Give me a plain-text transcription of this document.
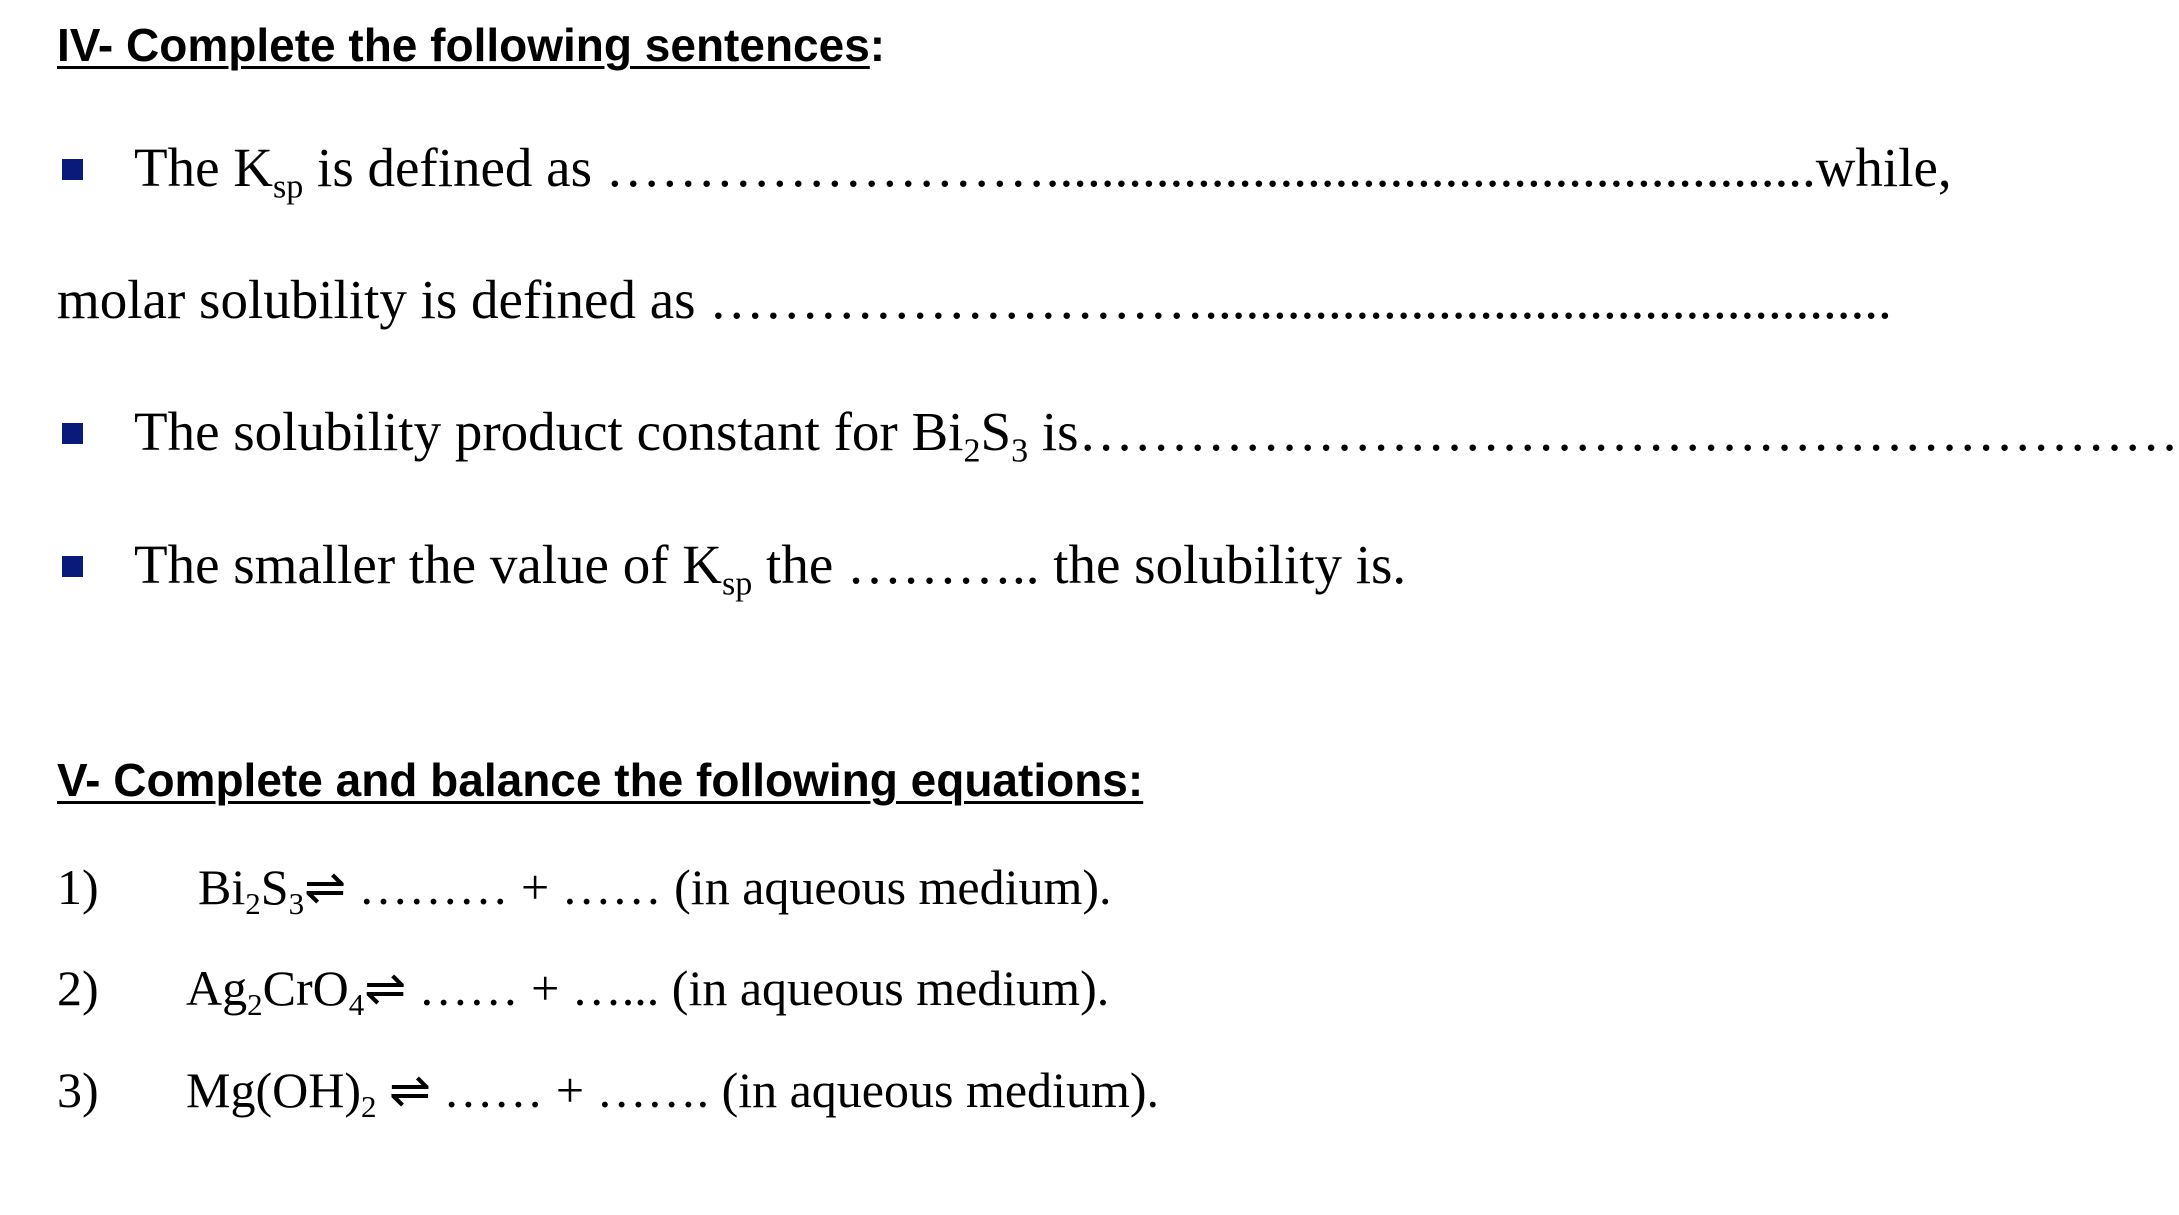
IV- Complete the following sentences:
The $K_{sp}$ is defined as ……………………........................................................while,
molar solubility is defined as ………………………..................................................
The solubility product constant for $Bi_2S_3$ is……………………………………………………
The smaller the value of $K_{sp}$ the ……….. the solubility is.
V- Complete and balance the following equations:
1) $Bi_2S_3\rightleftharpoons$ ……… + …… (in aqueous medium).
2) $Ag_2CrO_4\rightleftharpoons$ …… + …... (in aqueous medium).
3) $Mg(OH)_2$ ⇌ …… + ……. (in aqueous medium).
